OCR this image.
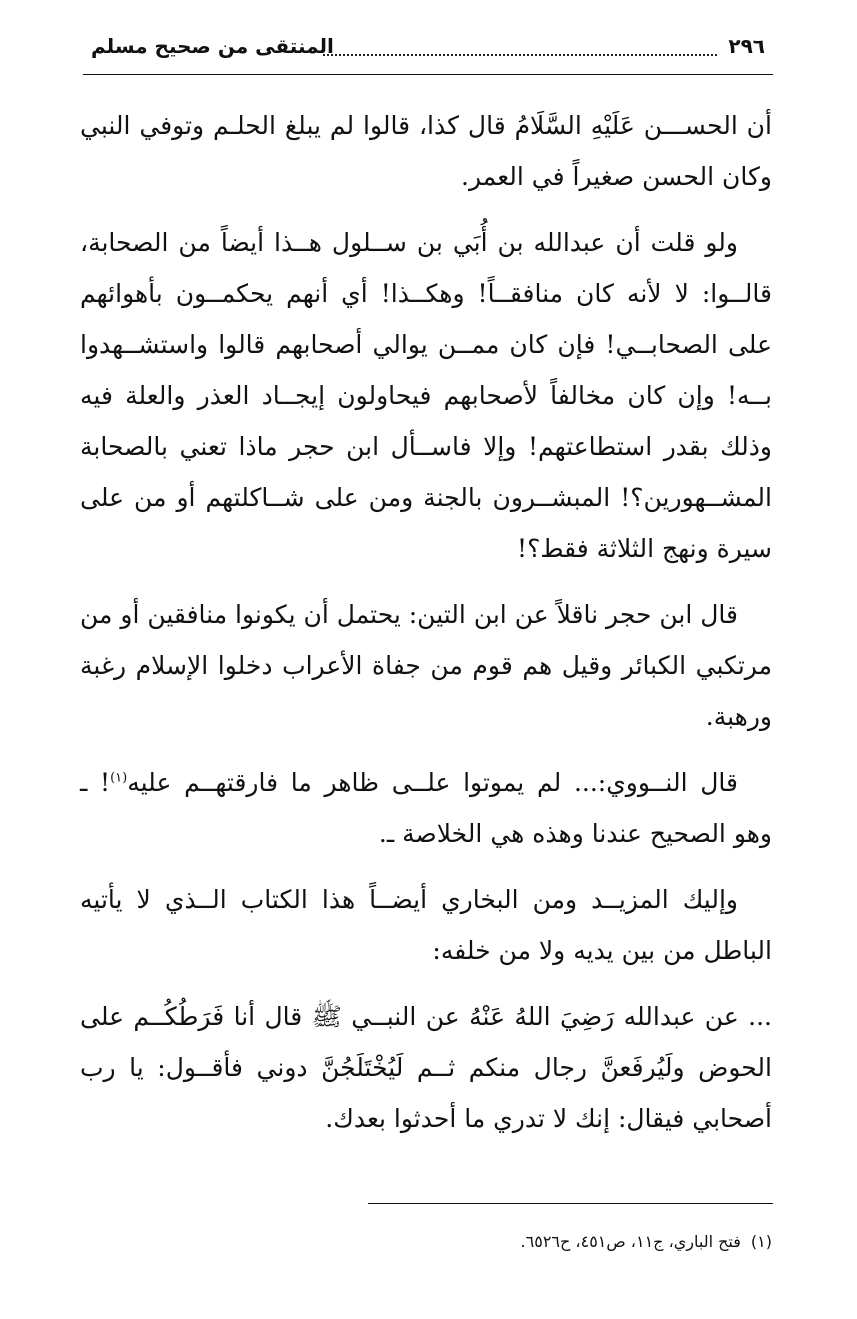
٢٩٦
المنتقى من صحيح مسلم

أن الحســـن عَلَيْهِ السَّلَامُ قال كذا، قالوا لم يبلغ الحلـم وتوفي النبي وكان الحسن صغيراً في العمر.

ولو قلت أن عبدالله بن أُبَي بن ســلول هــذا أيضاً من الصحابة، قالــوا: لا لأنه كان منافقــاً! وهكــذا! أي أنهم يحكمــون بأهوائهم على الصحابــي! فإن كان ممــن يوالي أصحابهم قالوا واستشــهدوا بــه! وإن كان مخالفاً لأصحابهم فيحاولون إيجــاد العذر والعلة فيه وذلك بقدر استطاعتهم! وإلا فاســأل ابن حجر ماذا تعني بالصحابة المشــهورين؟! المبشــرون بالجنة ومن على شــاكلتهم أو من على سيرة ونهج الثلاثة فقط؟!

قال ابن حجر ناقلاً عن ابن التين: يحتمل أن يكونوا منافقين أو من مرتكبي الكبائر وقيل هم قوم من جفاة الأعراب دخلوا الإسلام رغبة ورهبة.

قال النــووي:... لم يموتوا علــى ظاهر ما فارقتهــم عليه$^{(١)}$! ـ وهو الصحيح عندنا وهذه هي الخلاصة ـ.

وإليك المزيــد ومن البخاري أيضــاً هذا الكتاب الــذي لا يأتيه الباطل من بين يديه ولا من خلفه:

... عن عبدالله رَضِيَ اللهُ عَنْهُ عن النبــي ﷺ قال أنا فَرَطُكُــم على الحوض ولَيُرفَعنَّ رجال منكم ثــم لَيُخْتَلَجُنَّ دوني فأقــول: يا رب أصحابي فيقال: إنك لا تدري ما أحدثوا بعدك.

(١)فتح الباري، ج١١، ص٤٥١، ح٦٥٢٦.
